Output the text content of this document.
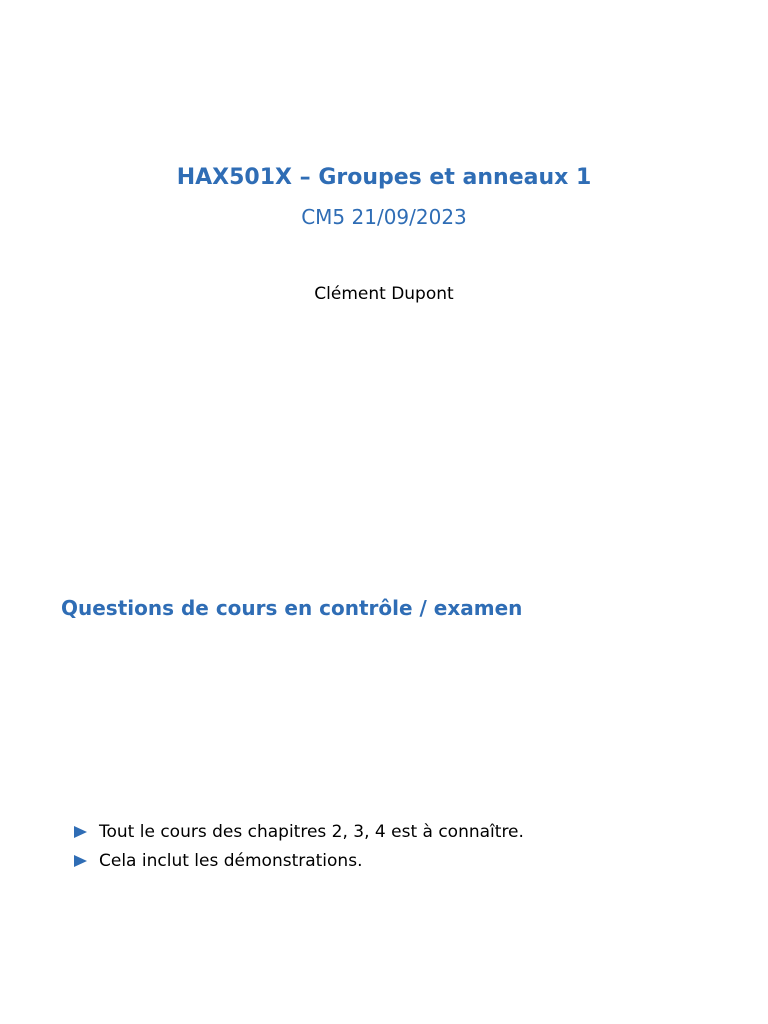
HAX501X – Groupes et anneaux 1
CM5 21/09/2023
Clément Dupont
Questions de cours en contrôle / examen
Tout le cours des chapitres 2, 3, 4 est à connaître.
Cela inclut les démonstrations.
